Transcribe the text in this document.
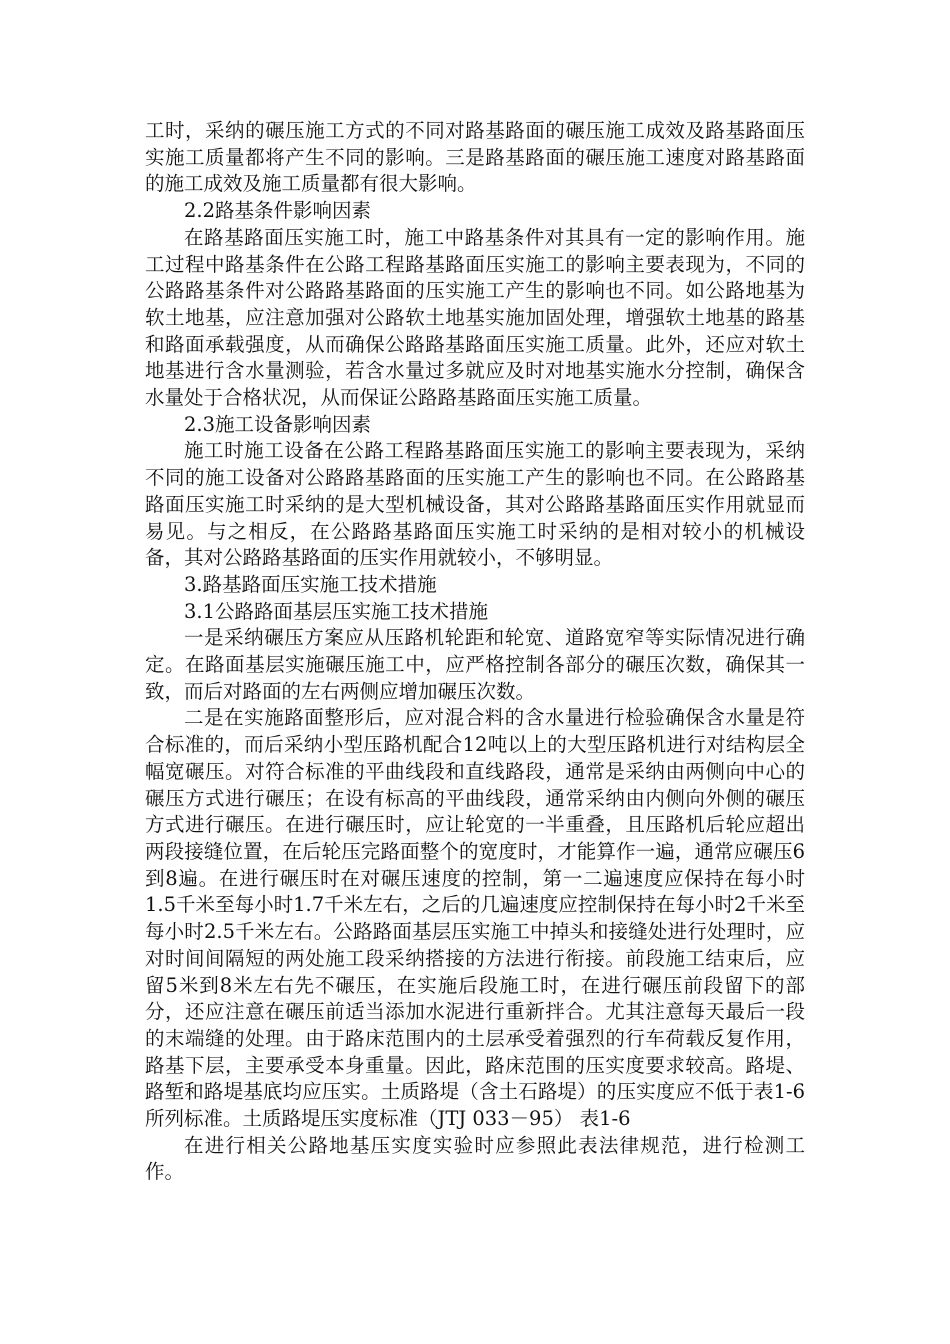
工时，采纳的碾压施工方式的不同对路基路面的碾压施工成效及路基路面压实施工质量都将产生不同的影响。三是路基路面的碾压施工速度对路基路面的施工成效及施工质量都有很大影响。

2.2路基条件影响因素

在路基路面压实施工时，施工中路基条件对其具有一定的影响作用。施工过程中路基条件在公路工程路基路面压实施工的影响主要表现为，不同的公路路基条件对公路路基路面的压实施工产生的影响也不同。如公路地基为软土地基，应注意加强对公路软土地基实施加固处理，增强软土地基的路基和路面承载强度，从而确保公路路基路面压实施工质量。此外，还应对软土地基进行含水量测验，若含水量过多就应及时对地基实施水分控制，确保含水量处于合格状况，从而保证公路路基路面压实施工质量。

2.3施工设备影响因素

施工时施工设备在公路工程路基路面压实施工的影响主要表现为，采纳不同的施工设备对公路路基路面的压实施工产生的影响也不同。在公路路基路面压实施工时采纳的是大型机械设备，其对公路路基路面压实作用就显而易见。与之相反，在公路路基路面压实施工时采纳的是相对较小的机械设备，其对公路路基路面的压实作用就较小，不够明显。

3.路基路面压实施工技术措施

3.1公路路面基层压实施工技术措施

一是采纳碾压方案应从压路机轮距和轮宽、道路宽窄等实际情况进行确定。在路面基层实施碾压施工中，应严格控制各部分的碾压次数，确保其一致，而后对路面的左右两侧应增加碾压次数。

二是在实施路面整形后，应对混合料的含水量进行检验确保含水量是符合标准的，而后采纳小型压路机配合12吨以上的大型压路机进行对结构层全幅宽碾压。对符合标准的平曲线段和直线路段，通常是采纳由两侧向中心的碾压方式进行碾压；在设有标高的平曲线段，通常采纳由内侧向外侧的碾压方式进行碾压。在进行碾压时，应让轮宽的一半重叠，且压路机后轮应超出两段接缝位置，在后轮压完路面整个的宽度时，才能算作一遍，通常应碾压6到8遍。在进行碾压时在对碾压速度的控制，第一二遍速度应保持在每小时1.5千米至每小时1.7千米左右，之后的几遍速度应控制保持在每小时2千米至每小时2.5千米左右。公路路面基层压实施工中掉头和接缝处进行处理时，应对时间间隔短的两处施工段采纳搭接的方法进行衔接。前段施工结束后，应留5米到8米左右先不碾压，在实施后段施工时，在进行碾压前段留下的部分，还应注意在碾压前适当添加水泥进行重新拌合。尤其注意每天最后一段的末端缝的处理。由于路床范围内的土层承受着强烈的行车荷载反复作用，路基下层，主要承受本身重量。因此，路床范围的压实度要求较高。路堤、路堑和路堤基底均应压实。土质路堤（含土石路堤）的压实度应不低于表1-6所列标准。土质路堤压实度标准（JTJ 033－95） 表1-6

在进行相关公路地基压实度实验时应参照此表法律规范，进行检测工作。
